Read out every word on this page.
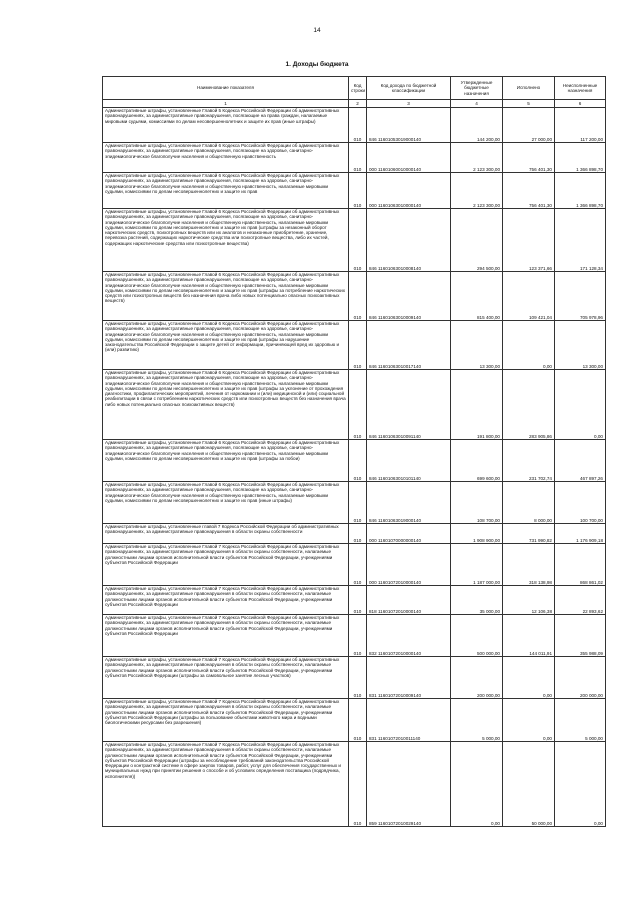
14
1. Доходы бюджета
Наименование показателя	Код строки	Код дохода по бюджетной классификации	Утвержденные бюджетные назначения	Исполнено	Неисполненные назначения
1	2	3	4	5	6
Административные штрафы, установленные Главой 5 Кодекса Российской Федерации об административных правонарушениях, за административные правонарушения, посягающие на права граждан, налагаемые мировыми судьями, комиссиями по делам несовершеннолетних и защите их прав (иные штрафы)	010	846 11601053019000140	144 200,00	27 000,00	117 200,00
Административные штрафы, установленные Главой 6 Кодекса Российской Федерации об административных правонарушениях, за административные правонарушения, посягающие на здоровье, санитарно-эпидемиологическое благополучие населения и общественную нравственность	010	000 11601060010000140	2 123 300,00	756 401,30	1 366 898,70
Административные штрафы, установленные Главой 6 Кодекса Российской Федерации об административных правонарушениях, за административные правонарушения, посягающие на здоровье, санитарно-эпидемиологическое благополучие населения и общественную нравственность, налагаемые мировыми судьями, комиссиями по делам несовершеннолетних и защите их прав	010	000 11601063010000140	2 123 300,00	756 401,30	1 366 898,70
Административные штрафы, установленные Главой 6 Кодекса Российской Федерации об административных правонарушениях, за административные правонарушения, посягающие на здоровье, санитарно-эпидемиологическое благополучие населения и общественную нравственность, налагаемые мировыми судьями, комиссиями по делам несовершеннолетних и защите их прав (штрафы за незаконный оборот наркотических средств, психотропных веществ или их аналогов и незаконные приобретение, хранение, перевозка растений, содержащих наркотические средства или психотропные вещества, либо их частей, содержащих наркотические средства или психотропные вещества)	010	846 11601063010008140	294 500,00	123 371,66	171 128,34
Административные штрафы, установленные Главой 6 Кодекса Российской Федерации об административных правонарушениях, за административные правонарушения, посягающие на здоровье, санитарно-эпидемиологическое благополучие населения и общественную нравственность, налагаемые мировыми судьями, комиссиями по делам несовершеннолетних и защите их прав (штрафы за потребление наркотических средств или психотропных веществ без назначения врача либо новых потенциально опасных психоактивных веществ)	010	846 11601063010009140	815 400,00	109 421,04	705 978,96
Административные штрафы, установленные Главой 6 Кодекса Российской Федерации об административных правонарушениях, за административные правонарушения, посягающие на здоровье, санитарно-эпидемиологическое благополучие населения и общественную нравственность, налагаемые мировыми судьями, комиссиями по делам несовершеннолетних и защите их прав (штрафы за нарушение законодательства Российской Федерации о защите детей от информации, причиняющей вред их здоровью и (или) развитию)	010	846 11601063010017140	13 300,00	0,00	13 300,00
Административные штрафы, установленные Главой 6 Кодекса Российской Федерации об административных правонарушениях, за административные правонарушения, посягающие на здоровье, санитарно-эпидемиологическое благополучие населения и общественную нравственность, налагаемые мировыми судьями, комиссиями по делам несовершеннолетних и защите их прав (штрафы за уклонение от прохождения диагностики, профилактических мероприятий, лечения от наркомании и (или) медицинской и (или) социальной реабилитации в связи с потреблением наркотических средств или психотропных веществ без назначения врача либо новых потенциально опасных психоактивных веществ)	010	846 11601063010091140	191 800,00	283 905,86	0,00
Административные штрафы, установленные Главой 6 Кодекса Российской Федерации об административных правонарушениях, за административные правонарушения, посягающие на здоровье, санитарно-эпидемиологическое благополучие населения и общественную нравственность, налагаемые мировыми судьями, комиссиями по делам несовершеннолетних и защите их прав (штрафы за побои)	010	846 11601063010101140	699 600,00	231 702,74	467 897,26
Административные штрафы, установленные Главой 6 Кодекса Российской Федерации об административных правонарушениях, за административные правонарушения, посягающие на здоровье, санитарно-эпидемиологическое благополучие населения и общественную нравственность, налагаемые мировыми судьями, комиссиями по делам несовершеннолетних и защите их прав (иные штрафы)	010	846 11601063019000140	108 700,00	8 000,00	100 700,00
Административные штрафы, установленные главой 7 Кодекса Российской Федерации об административных правонарушениях, за административные правонарушения в области охраны собственности	010	000 11601070000000140	1 908 900,00	731 990,82	1 176 909,18
Административные штрафы, установленные Главой 7 Кодекса Российской Федерации об административных правонарушениях, за административные правонарушения в области охраны собственности, налагаемые должностными лицами органов исполнительной власти субъектов Российской Федерации, учреждениями субъектов Российской Федерации	010	000 11601072010000140	1 187 000,00	318 138,98	868 861,02
Административные штрафы, установленные Главой 7 Кодекса Российской Федерации об административных правонарушениях, за административные правонарушения в области охраны собственности, налагаемые должностными лицами органов исполнительной власти субъектов Российской Федерации, учреждениями субъектов Российской Федерации	010	818 11601072010000140	35 000,00	12 106,38	22 893,62
Административные штрафы, установленные Главой 7 Кодекса Российской Федерации об административных правонарушениях, за административные правонарушения в области охраны собственности, налагаемые должностными лицами органов исполнительной власти субъектов Российской Федерации, учреждениями субъектов Российской Федерации	010	832 11601072010000140	500 000,00	144 011,91	355 988,09
Административные штрафы, установленные Главой 7 Кодекса Российской Федерации об административных правонарушениях, за административные правонарушения в области охраны собственности, налагаемые должностными лицами органов исполнительной власти субъектов Российской Федерации, учреждениями субъектов Российской Федерации (штрафы за самовольное занятие лесных участков)	010	831 11601072010009140	200 000,00	0,00	200 000,00
Административные штрафы, установленные Главой 7 Кодекса Российской Федерации об административных правонарушениях, за административные правонарушения в области охраны собственности, налагаемые должностными лицами органов исполнительной власти субъектов Российской Федерации, учреждениями субъектов Российской Федерации (штрафы за пользование объектами животного мира и водными биологическими ресурсами без разрешения)	010	831 11601072010011140	5 000,00	0,00	5 000,00
Административные штрафы, установленные Главой 7 Кодекса Российской Федерации об административных правонарушениях, за административные правонарушения в области охраны собственности, налагаемые должностными лицами органов исполнительной власти субъектов Российской Федерации, учреждениями субъектов Российской Федерации (штрафы за несоблюдение требований законодательства Российской Федерации о контрактной системе в сфере закупок товаров, работ, услуг для обеспечения государственных и муниципальных нужд при принятии решения о способе и об условиях определения поставщика (подрядчика, исполнителя))	010	859 11601072010029140	0,00	50 000,00	0,00
